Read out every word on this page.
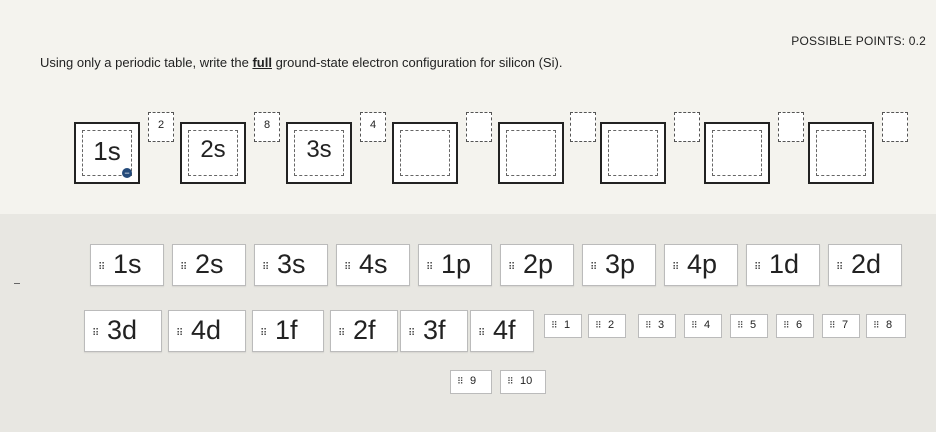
POSSIBLE POINTS: 0.2
Using only a periodic table, write the full ground-state electron configuration for silicon (Si).
1s
−
2s	3s
2	8	4
⠿ 1s	⠿ 2s	⠿ 3s	⠿ 4s	⠿ 1p	⠿ 2p	⠿ 3p	⠿ 4p	⠿ 1d	⠿ 2d
⠿ 3d	⠿ 4d	⠿ 1f	⠿ 2f	⠿ 3f	⠿ 4f	⠿ 1	⠿ 2	⠿ 3	⠿ 4	⠿ 5	⠿ 6	⠿ 7	⠿ 8
⠿ 9	⠿ 10
